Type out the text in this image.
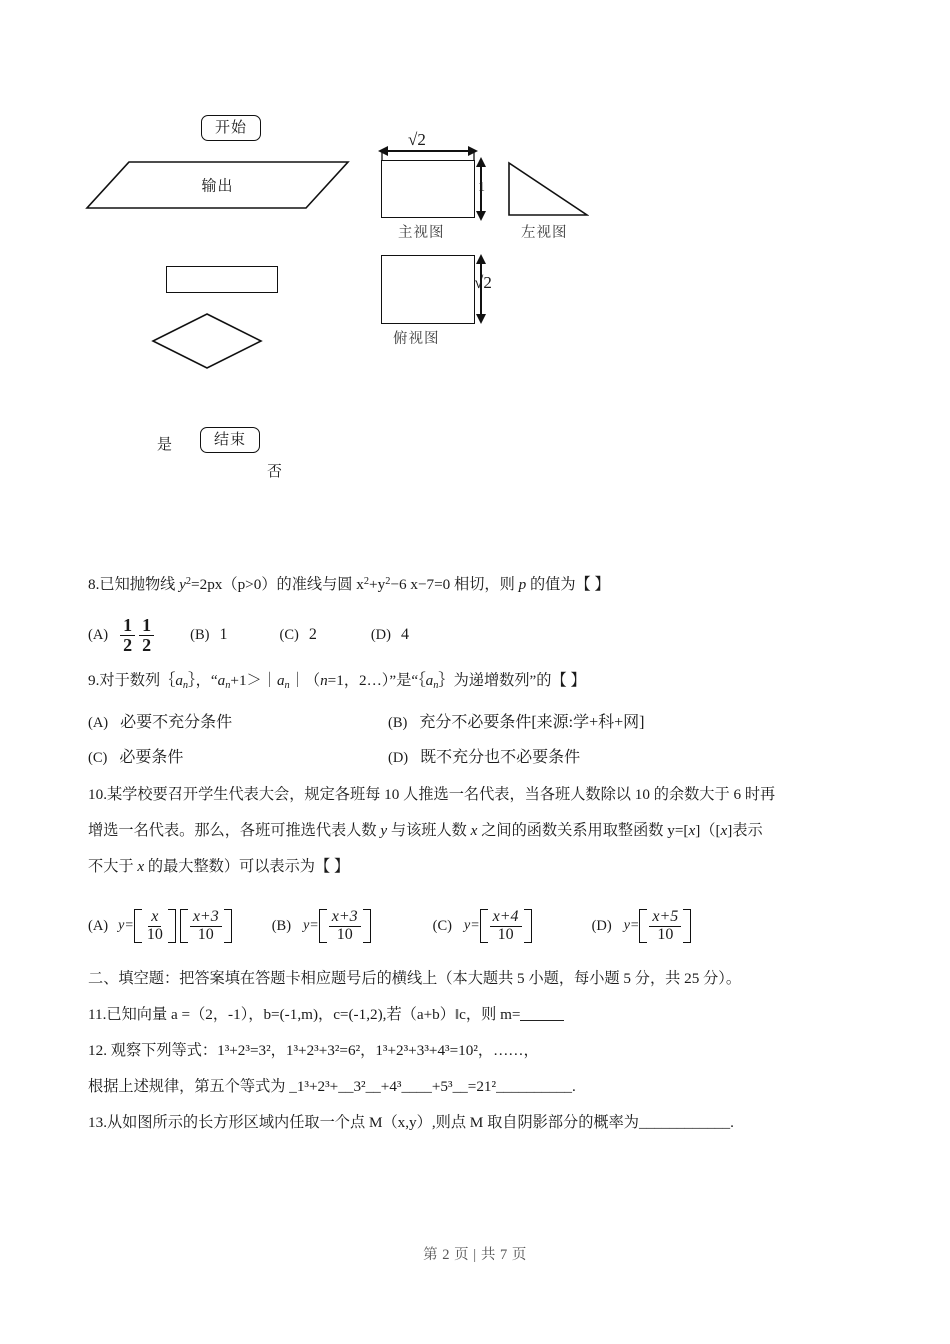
开始
输出
结束
是
否
√2
1
主视图	左视图
√2
俯视图

8.已知抛物线 $y^2=2px(p>0)$的准线与圆 $x^2+y^2-6$ x−7=0 相切，则 p 的值为【 】

$(A) \frac{1}{2} \frac{1}{2} (B)$ 1	(C) 2	(D) 4

9.对于数列$\{a_n\}$，“$a_n+1>|a_n|(n=1$，2…）”是“$\{a_n\}$为递增数列”的【 】

(A) 必要不充分条件	(B) 充分不必要条件[来源:学+科+网]
(C) 必要条件	(D) 既不充分也不必要条件

10.某学校要召开学生代表大会，规定各班每 10 人推选一名代表，当各班人数除以 10 的余数大于 6 时再

增选一名代表。那么，各班可推选代表人数 y 与该班人数 x 之间的函数关系用取整函数 y=[x]（[x]表示

不大于 x 的最大整数）可以表示为【 】

(A) $y= \frac{x}{10} \frac{x+3}{10}$	(B) $y= \frac{x+3}{10}$	(C) $y= \frac{x+4}{10}$	(D) $y= \frac{x+5}{10}$

二、填空题：把答案填在答题卡相应题号后的横线上（本大题共 5 小题，每小题 5 分，共 25 分）。

11.已知向量 a =（2，-1），b=(-1,m)，c=(-1,2),若（a+b）‖c，则 m=

12. 观察下列等式：1³+2³=3²，1³+2³+3²=6²，1³+2³+3³+4³=10²，……，

根据上述规律，第五个等式为 _1³+2³+__3²__+4³____+5³__=21²__________.

13.从如图所示的长方形区域内任取一个点 M（x,y）,则点 M 取自阴影部分的概率为____________.

第 2 页 | 共 7 页
